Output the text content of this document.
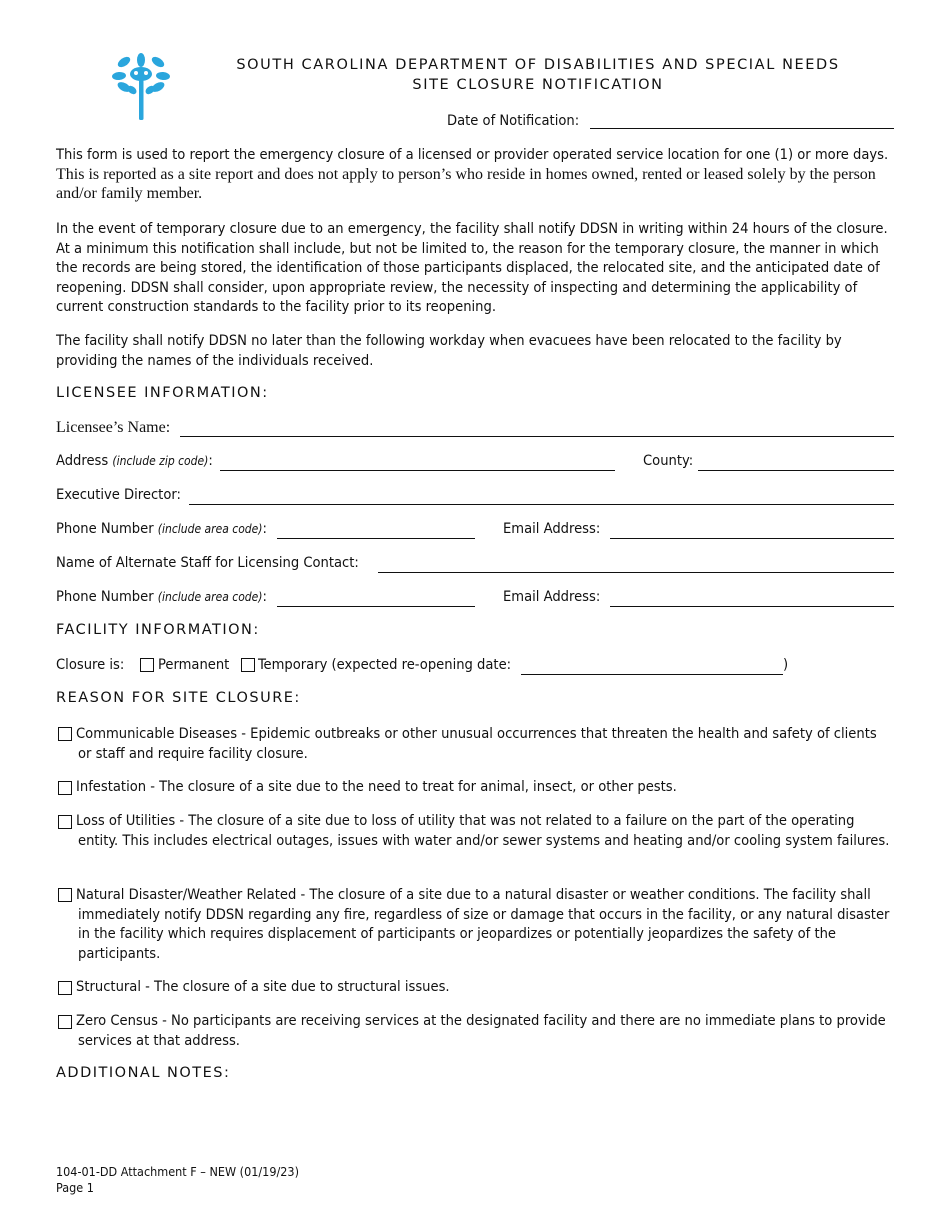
SOUTH CAROLINA DEPARTMENT OF DISABILITIES AND SPECIAL NEEDS
SITE CLOSURE NOTIFICATION
Date of Notification:

This form is used to report the emergency closure of a licensed or provider operated service location for one (1) or more days. This is reported as a site report and does not apply to person’s who reside in homes owned, rented or leased solely by the person and/or family member.

In the event of temporary closure due to an emergency, the facility shall notify DDSN in writing within 24 hours of the closure. At a minimum this notification shall include, but not be limited to, the reason for the temporary closure, the manner in which the records are being stored, the identification of those participants displaced, the relocated site, and the anticipated date of reopening. DDSN shall consider, upon appropriate review, the necessity of inspecting and determining the applicability of current construction standards to the facility prior to its reopening.

The facility shall notify DDSN no later than the following workday when evacuees have been relocated to the facility by providing the names of the individuals received.

LICENSEE INFORMATION:
Licensee’s Name:
Address (include zip code):	County:
Executive Director:
Phone Number (include area code):	Email Address:
Name of Alternate Staff for Licensing Contact:
Phone Number (include area code):	Email Address:
FACILITY INFORMATION:
Closure is: Permanent Temporary (expected re-opening date:	)
REASON FOR SITE CLOSURE:

Communicable Diseases - Epidemic outbreaks or other unusual occurrences that threaten the health and safety of clients or staff and require facility closure.

Infestation - The closure of a site due to the need to treat for animal, insect, or other pests.

Loss of Utilities - The closure of a site due to loss of utility that was not related to a failure on the part of the operating entity. This includes electrical outages, issues with water and/or sewer systems and heating and/or cooling system failures.

Natural Disaster/Weather Related - The closure of a site due to a natural disaster or weather conditions. The facility shall immediately notify DDSN regarding any fire, regardless of size or damage that occurs in the facility, or any natural disaster in the facility which requires displacement of participants or jeopardizes or potentially jeopardizes the safety of the participants.

Structural - The closure of a site due to structural issues.

Zero Census - No participants are receiving services at the designated facility and there are no immediate plans to provide services at that address.

ADDITIONAL NOTES:
104-01-DD Attachment F – NEW (01/19/23)
Page 1
